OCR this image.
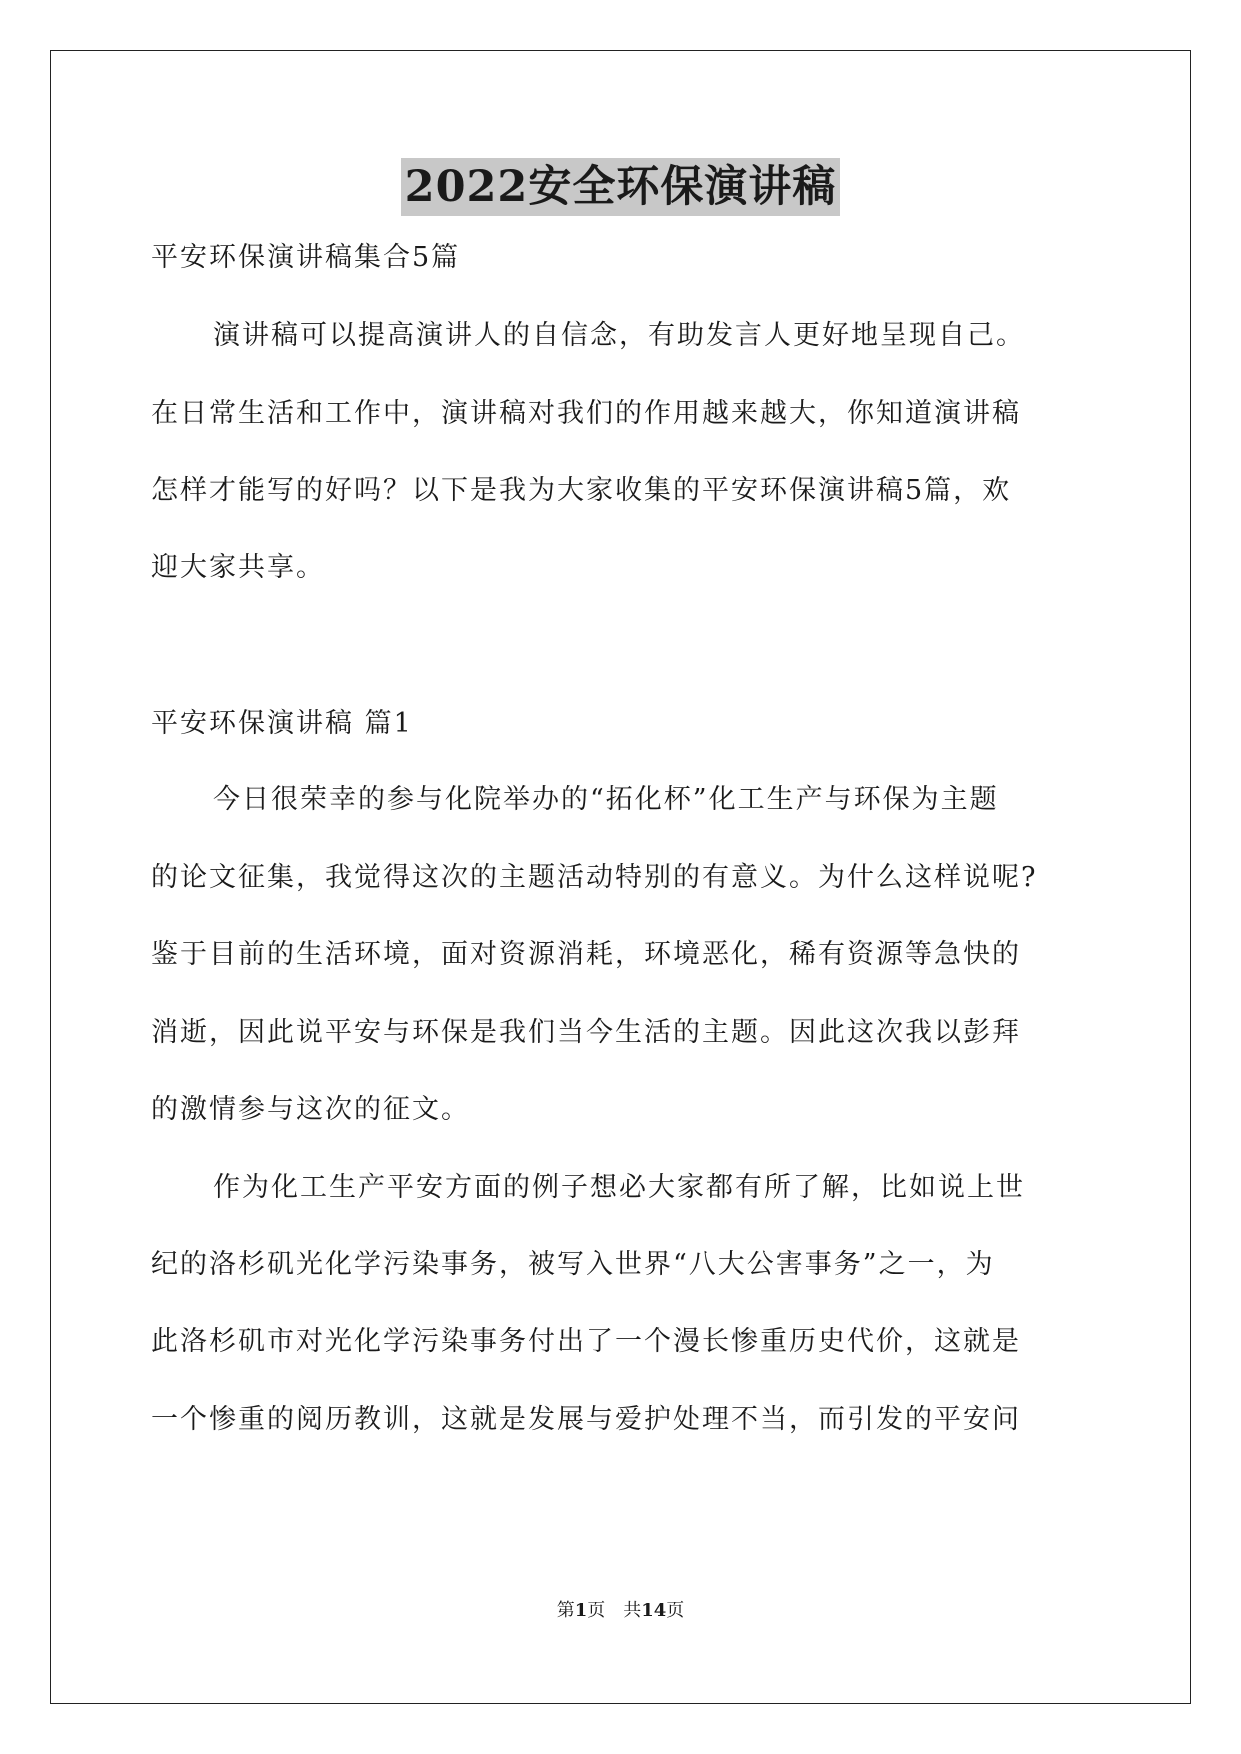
2022安全环保演讲稿
平安环保演讲稿集合5篇
演讲稿可以提高演讲人的自信念，有助发言人更好地呈现自己。
在日常生活和工作中，演讲稿对我们的作用越来越大，你知道演讲稿
怎样才能写的好吗？以下是我为大家收集的平安环保演讲稿5篇，欢
迎大家共享。
平安环保演讲稿 篇1
今日很荣幸的参与化院举办的“拓化杯”化工生产与环保为主题
的论文征集，我觉得这次的主题活动特别的有意义。为什么这样说呢?
鉴于目前的生活环境，面对资源消耗，环境恶化，稀有资源等急快的
消逝，因此说平安与环保是我们当今生活的主题。因此这次我以彭拜
的激情参与这次的征文。
作为化工生产平安方面的例子想必大家都有所了解，比如说上世
纪的洛杉矶光化学污染事务，被写入世界“八大公害事务”之一，为
此洛杉矶市对光化学污染事务付出了一个漫长惨重历史代价，这就是
一个惨重的阅历教训，这就是发展与爱护处理不当，而引发的平安问
第1页 共14页
